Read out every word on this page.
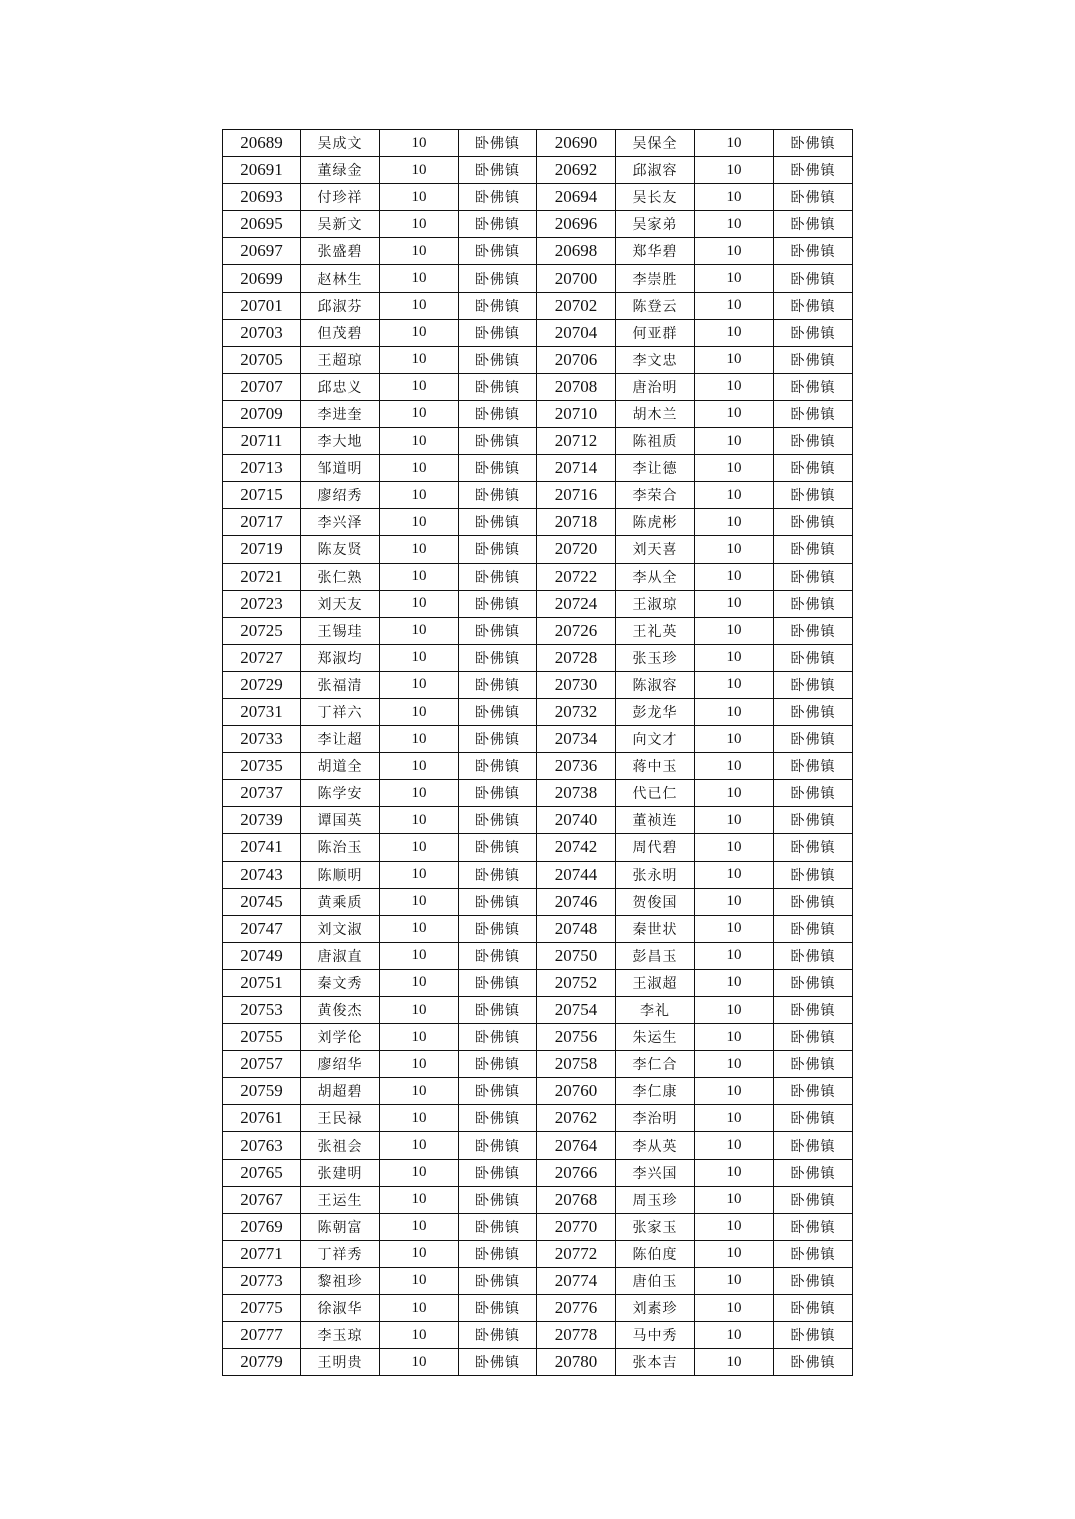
20689	吴成文	10	卧佛镇	20690	吴保全	10	卧佛镇
20691	董绿金	10	卧佛镇	20692	邱淑容	10	卧佛镇
20693	付珍祥	10	卧佛镇	20694	吴长友	10	卧佛镇
20695	吴新文	10	卧佛镇	20696	吴家弟	10	卧佛镇
20697	张盛碧	10	卧佛镇	20698	郑华碧	10	卧佛镇
20699	赵林生	10	卧佛镇	20700	李崇胜	10	卧佛镇
20701	邱淑芬	10	卧佛镇	20702	陈登云	10	卧佛镇
20703	但茂碧	10	卧佛镇	20704	何亚群	10	卧佛镇
20705	王超琼	10	卧佛镇	20706	李文忠	10	卧佛镇
20707	邱忠义	10	卧佛镇	20708	唐治明	10	卧佛镇
20709	李进奎	10	卧佛镇	20710	胡木兰	10	卧佛镇
20711	李大地	10	卧佛镇	20712	陈祖质	10	卧佛镇
20713	邹道明	10	卧佛镇	20714	李让德	10	卧佛镇
20715	廖绍秀	10	卧佛镇	20716	李荣合	10	卧佛镇
20717	李兴泽	10	卧佛镇	20718	陈虎彬	10	卧佛镇
20719	陈友贤	10	卧佛镇	20720	刘天喜	10	卧佛镇
20721	张仁熟	10	卧佛镇	20722	李从全	10	卧佛镇
20723	刘天友	10	卧佛镇	20724	王淑琼	10	卧佛镇
20725	王锡珪	10	卧佛镇	20726	王礼英	10	卧佛镇
20727	郑淑均	10	卧佛镇	20728	张玉珍	10	卧佛镇
20729	张福清	10	卧佛镇	20730	陈淑容	10	卧佛镇
20731	丁祥六	10	卧佛镇	20732	彭龙华	10	卧佛镇
20733	李让超	10	卧佛镇	20734	向文才	10	卧佛镇
20735	胡道全	10	卧佛镇	20736	蒋中玉	10	卧佛镇
20737	陈学安	10	卧佛镇	20738	代已仁	10	卧佛镇
20739	谭国英	10	卧佛镇	20740	董祯连	10	卧佛镇
20741	陈治玉	10	卧佛镇	20742	周代碧	10	卧佛镇
20743	陈顺明	10	卧佛镇	20744	张永明	10	卧佛镇
20745	黄乘质	10	卧佛镇	20746	贺俊国	10	卧佛镇
20747	刘文淑	10	卧佛镇	20748	秦世状	10	卧佛镇
20749	唐淑直	10	卧佛镇	20750	彭昌玉	10	卧佛镇
20751	秦文秀	10	卧佛镇	20752	王淑超	10	卧佛镇
20753	黄俊杰	10	卧佛镇	20754	李礼	10	卧佛镇
20755	刘学伦	10	卧佛镇	20756	朱运生	10	卧佛镇
20757	廖绍华	10	卧佛镇	20758	李仁合	10	卧佛镇
20759	胡超碧	10	卧佛镇	20760	李仁康	10	卧佛镇
20761	王民禄	10	卧佛镇	20762	李治明	10	卧佛镇
20763	张祖会	10	卧佛镇	20764	李从英	10	卧佛镇
20765	张建明	10	卧佛镇	20766	李兴国	10	卧佛镇
20767	王运生	10	卧佛镇	20768	周玉珍	10	卧佛镇
20769	陈朝富	10	卧佛镇	20770	张家玉	10	卧佛镇
20771	丁祥秀	10	卧佛镇	20772	陈伯度	10	卧佛镇
20773	黎祖珍	10	卧佛镇	20774	唐伯玉	10	卧佛镇
20775	徐淑华	10	卧佛镇	20776	刘素珍	10	卧佛镇
20777	李玉琼	10	卧佛镇	20778	马中秀	10	卧佛镇
20779	王明贵	10	卧佛镇	20780	张本吉	10	卧佛镇
